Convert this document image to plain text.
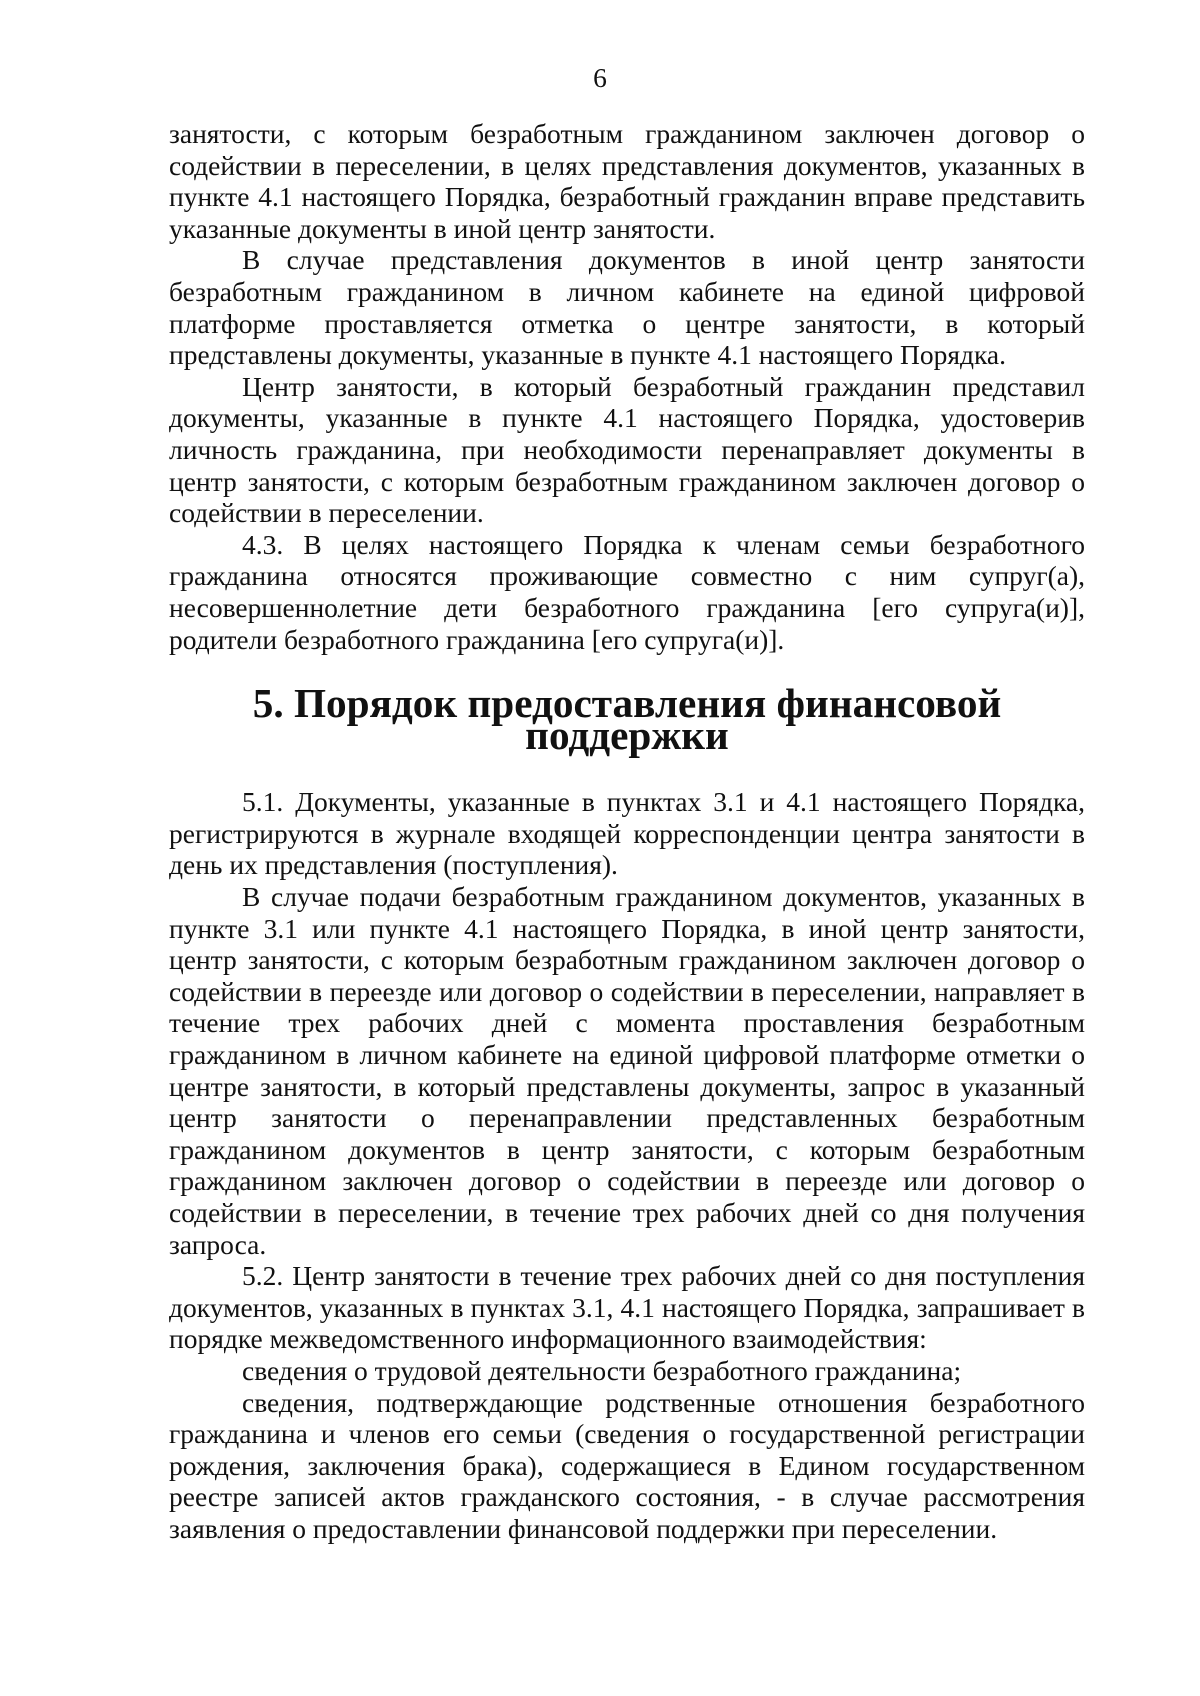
6

занятости, с которым безработным гражданином заключен договор о содействии в переселении, в целях представления документов, указанных в пункте 4.1 настоящего Порядка, безработный гражданин вправе представить указанные документы в иной центр занятости.

В случае представления документов в иной центр занятости безработным гражданином в личном кабинете на единой цифровой платформе проставляется отметка о центре занятости, в который представлены документы, указанные в пункте 4.1 настоящего Порядка.

Центр занятости, в который безработный гражданин представил документы, указанные в пункте 4.1 настоящего Порядка, удостоверив личность гражданина, при необходимости перенаправляет документы в центр занятости, с которым безработным гражданином заключен договор о содействии в переселении.

4.3. В целях настоящего Порядка к членам семьи безработного гражданина относятся проживающие совместно с ним супруг(а), несовершеннолетние дети безработного гражданина [его супруга(и)], родители безработного гражданина [его супруга(и)].

5. Порядок предоставления финансовой поддержки

5.1. Документы, указанные в пунктах 3.1 и 4.1 настоящего Порядка, регистрируются в журнале входящей корреспонденции центра занятости в день их представления (поступления).

В случае подачи безработным гражданином документов, указанных в пункте 3.1 или пункте 4.1 настоящего Порядка, в иной центр занятости, центр занятости, с которым безработным гражданином заключен договор о содействии в переезде или договор о содействии в переселении, направляет в течение трех рабочих дней с момента проставления безработным гражданином в личном кабинете на единой цифровой платформе отметки о центре занятости, в который представлены документы, запрос в указанный центр занятости о перенаправлении представленных безработным гражданином документов в центр занятости, с которым безработным гражданином заключен договор о содействии в переезде или договор о содействии в переселении, в течение трех рабочих дней со дня получения запроса.

5.2. Центр занятости в течение трех рабочих дней со дня поступления документов, указанных в пунктах 3.1, 4.1 настоящего Порядка, запрашивает в порядке межведомственного информационного взаимодействия:

сведения о трудовой деятельности безработного гражданина;

сведения, подтверждающие родственные отношения безработного гражданина и членов его семьи (сведения о государственной регистрации рождения, заключения брака), содержащиеся в Едином государственном реестре записей актов гражданского состояния, - в случае рассмотрения заявления о предоставлении финансовой поддержки при переселении.
